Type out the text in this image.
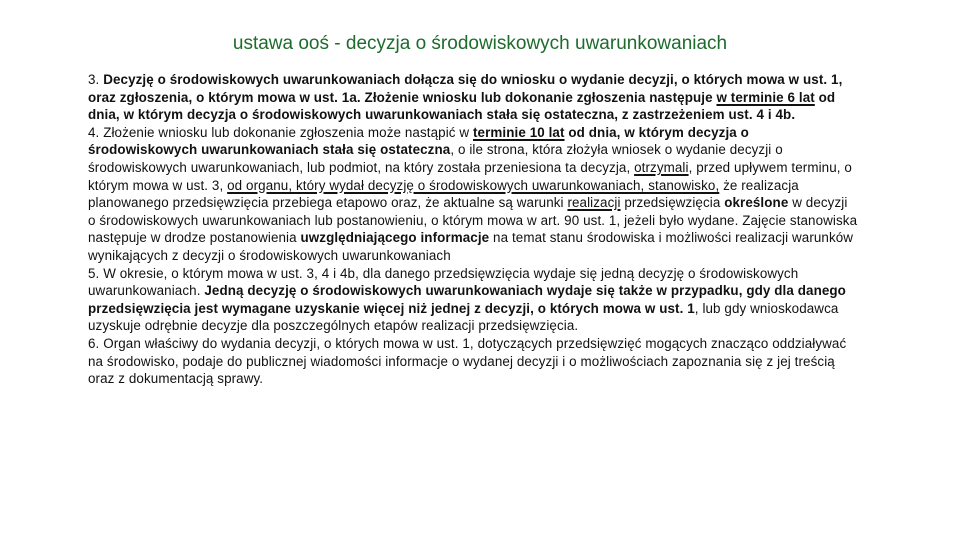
ustawa ooś - decyzja o środowiskowych uwarunkowaniach

3. Decyzję o środowiskowych uwarunkowaniach dołącza się do wniosku o wydanie decyzji, o których mowa w ust. 1, oraz zgłoszenia, o którym mowa w ust. 1a. Złożenie wniosku lub dokonanie zgłoszenia następuje w terminie 6 lat od dnia, w którym decyzja o środowiskowych uwarunkowaniach stała się ostateczna, z zastrzeżeniem ust. 4 i 4b.

4. Złożenie wniosku lub dokonanie zgłoszenia może nastąpić w terminie 10 lat od dnia, w którym decyzja o środowiskowych uwarunkowaniach stała się ostateczna, o ile strona, która złożyła wniosek o wydanie decyzji o środowiskowych uwarunkowaniach, lub podmiot, na który została przeniesiona ta decyzja, otrzymali, przed upływem terminu, o którym mowa w ust. 3, od organu, który wydał decyzję o środowiskowych uwarunkowaniach, stanowisko, że realizacja planowanego przedsięwzięcia przebiega etapowo oraz, że aktualne są warunki realizacji przedsięwzięcia określone w decyzji o środowiskowych uwarunkowaniach lub postanowieniu, o którym mowa w art. 90 ust. 1, jeżeli było wydane. Zajęcie stanowiska następuje w drodze postanowienia uwzględniającego informacje na temat stanu środowiska i możliwości realizacji warunków wynikających z decyzji o środowiskowych uwarunkowaniach

5. W okresie, o którym mowa w ust. 3, 4 i 4b, dla danego przedsięwzięcia wydaje się jedną decyzję o środowiskowych uwarunkowaniach. Jedną decyzję o środowiskowych uwarunkowaniach wydaje się także w przypadku, gdy dla danego przedsięwzięcia jest wymagane uzyskanie więcej niż jednej z decyzji, o których mowa w ust. 1, lub gdy wnioskodawca uzyskuje odrębnie decyzje dla poszczególnych etapów realizacji przedsięwzięcia.

6. Organ właściwy do wydania decyzji, o których mowa w ust. 1, dotyczących przedsięwzięć mogących znacząco oddziaływać na środowisko, podaje do publicznej wiadomości informacje o wydanej decyzji i o możliwościach zapoznania się z jej treścią oraz z dokumentacją sprawy.
